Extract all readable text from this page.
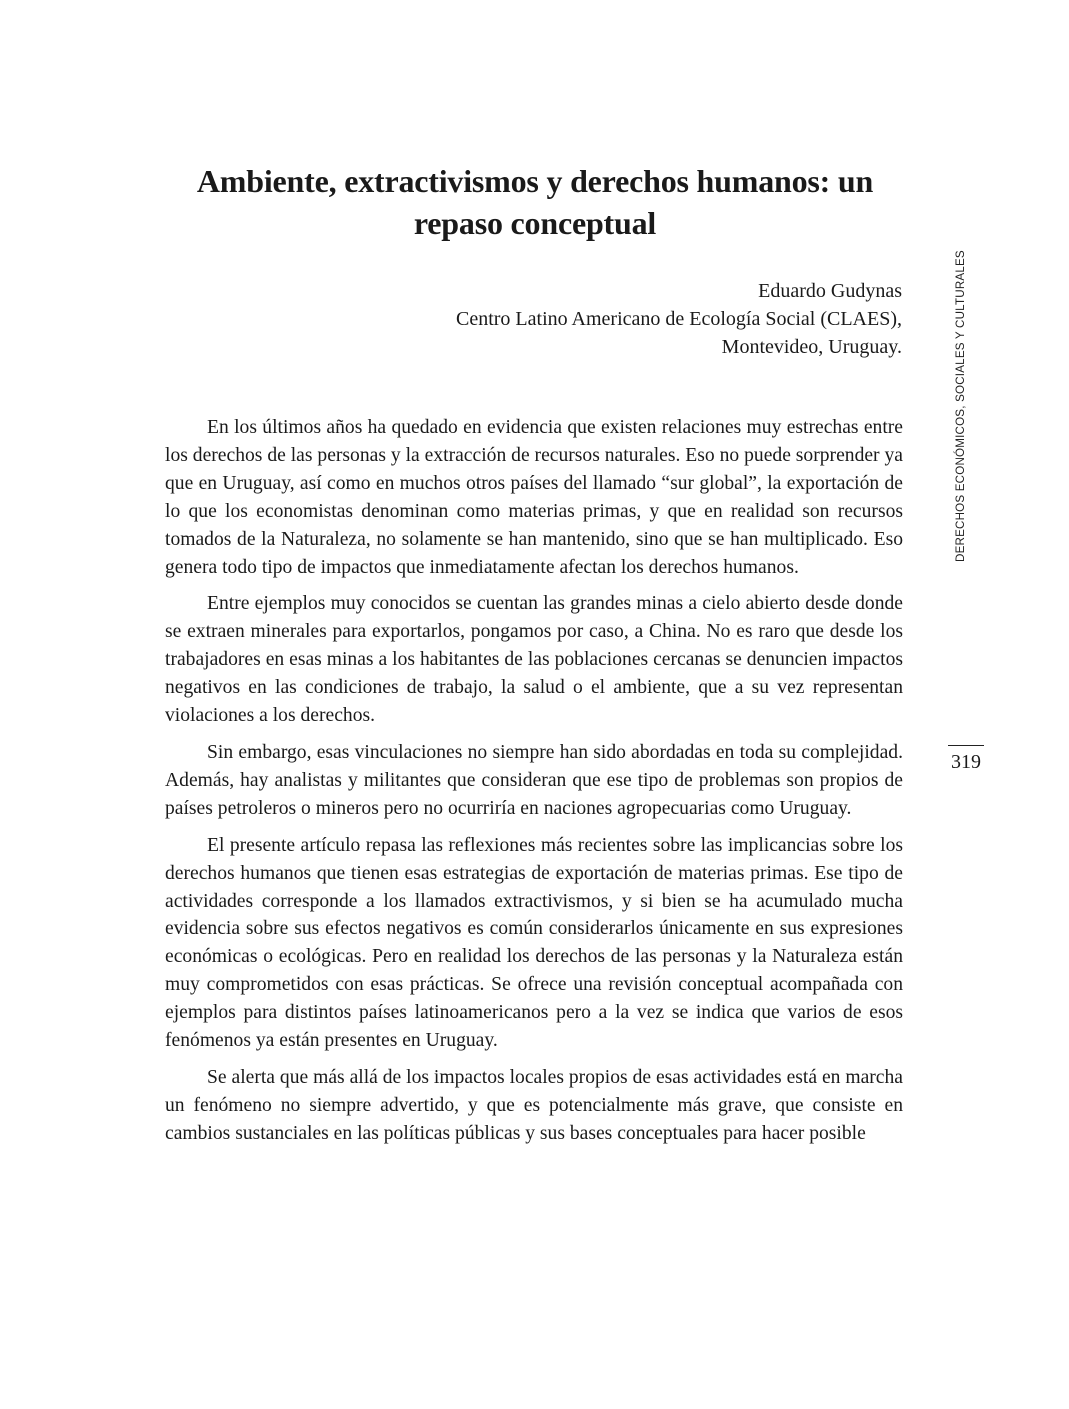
Ambiente, extractivismos y derechos humanos: un repaso conceptual
Eduardo Gudynas
Centro Latino Americano de Ecología Social (CLAES),
Montevideo, Uruguay.

En los últimos años ha quedado en evidencia que existen relaciones muy estrechas entre los derechos de las personas y la extracción de recursos naturales. Eso no puede sorprender ya que en Uruguay, así como en muchos otros países del llamado “sur global”, la exportación de lo que los economistas denominan como materias primas, y que en realidad son recursos tomados de la Naturaleza, no solamente se han mantenido, sino que se han multiplicado. Eso genera todo tipo de impactos que inmediatamente afectan los derechos humanos.

Entre ejemplos muy conocidos se cuentan las grandes minas a cielo abierto desde donde se extraen minerales para exportarlos, pongamos por caso, a China. No es raro que desde los trabajadores en esas minas a los habitantes de las poblaciones cercanas se denuncien impactos negativos en las condiciones de trabajo, la salud o el ambiente, que a su vez representan violaciones a los derechos.

Sin embargo, esas vinculaciones no siempre han sido abordadas en toda su complejidad. Además, hay analistas y militantes que consideran que ese tipo de problemas son propios de países petroleros o mineros pero no ocurriría en naciones agropecuarias como Uruguay.

El presente artículo repasa las reflexiones más recientes sobre las implicancias sobre los derechos humanos que tienen esas estrategias de exportación de materias primas. Ese tipo de actividades corresponde a los llamados extractivismos, y si bien se ha acumulado mucha evidencia sobre sus efectos negativos es común considerarlos únicamente en sus expresiones económicas o ecológicas. Pero en realidad los derechos de las personas y la Naturaleza están muy comprometidos con esas prácticas. Se ofrece una revisión conceptual acompañada con ejemplos para distintos países latinoamericanos pero a la vez se indica que varios de esos fenómenos ya están presentes en Uruguay.

Se alerta que más allá de los impactos locales propios de esas actividades está en marcha un fenómeno no siempre advertido, y que es potencialmente más grave, que consiste en cambios sustanciales en las políticas públicas y sus bases conceptuales para hacer posible

DERECHOS ECONÓMICOS, SOCIALES Y CULTURALES
319
